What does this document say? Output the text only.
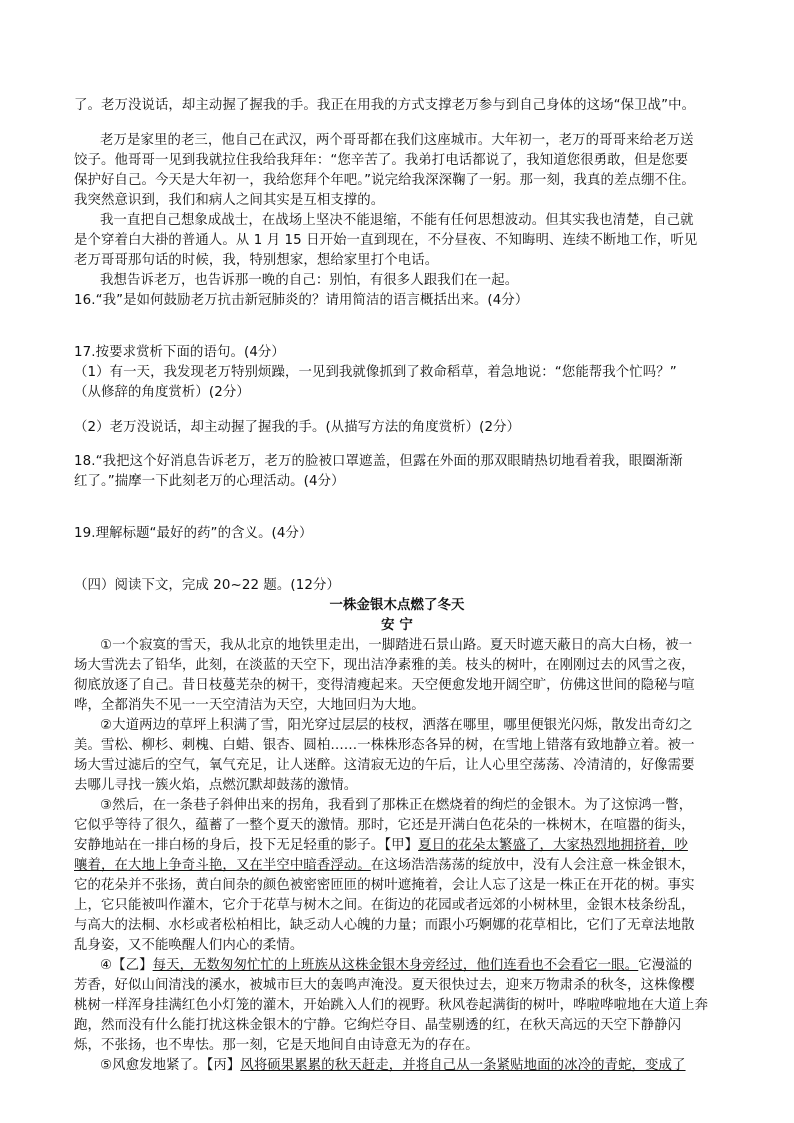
了。老万没说话，却主动握了握我的手。我正在用我的方式支撑老万参与到自己身体的这场“保卫战”中。
老万是家里的老三，他自己在武汉，两个哥哥都在我们这座城市。大年初一，老万的哥哥来给老万送
饺子。他哥哥一见到我就拉住我给我拜年：“您辛苦了。我弟打电话都说了，我知道您很勇敢，但是您要
保护好自己。今天是大年初一，我给您拜个年吧。”说完给我深深鞠了一躬。那一刻，我真的差点绷不住。
我突然意识到，我们和病人之间其实是互相支撑的。
我一直把自己想象成战士，在战场上坚决不能退缩，不能有任何思想波动。但其实我也清楚，自己就
是个穿着白大褂的普通人。从 1 月 15 日开始一直到现在，不分昼夜、不知晦明、连续不断地工作，听见
老万哥哥那句话的时候，我，特别想家，想给家里打个电话。
我想告诉老万，也告诉那一晚的自己：别怕，有很多人跟我们在一起。
16.“我”是如何鼓励老万抗击新冠肺炎的？请用简洁的语言概括出来。(4分）
17.按要求赏析下面的语句。(4分）
（1）有一天，我发现老万特别烦躁，一见到我就像抓到了救命稻草，着急地说：“您能帮我个忙吗？”
（从修辞的角度赏析）(2分）
（2）老万没说话，却主动握了握我的手。(从描写方法的角度赏析）(2分）
18.“我把这个好消息告诉老万，老万的脸被口罩遮盖，但露在外面的那双眼睛热切地看着我，眼圈渐渐
红了。”揣摩一下此刻老万的心理活动。(4分）
19.理解标题“最好的药”的含义。(4分）
（四）阅读下文，完成 20~22 题。(12分）
一株金银木点燃了冬天
安 宁
①一个寂寞的雪天，我从北京的地铁里走出，一脚踏进石景山路。夏天时遮天蔽日的高大白杨，被一
场大雪洗去了铅华，此刻，在淡蓝的天空下，现出洁净素雅的美。枝头的树叶，在刚刚过去的风雪之夜，
彻底放逐了自己。昔日枝蔓芜杂的树干，变得清瘦起来。天空便愈发地开阔空旷，仿佛这世间的隐秘与喧
哗，全都消失不见一一天空清洁为天空，大地回归为大地。
②大道两边的草坪上积满了雪，阳光穿过层层的枝杈，洒落在哪里，哪里便银光闪烁，散发出奇幻之
美。雪松、柳杉、刺槐、白蜡、银杏、圆柏……一株株形态各异的树，在雪地上错落有致地静立着。被一
场大雪过滤后的空气，氧气充足，让人迷醉。这清寂无边的午后，让人心里空荡荡、冷清清的，好像需要
去哪儿寻找一簇火焰，点燃沉默却鼓荡的激情。
③然后，在一条巷子斜伸出来的拐角，我看到了那株正在燃烧着的绚烂的金银木。为了这惊鸿一瞥，
它似乎等待了很久，蕴蓄了一整个夏天的激情。那时，它还是开满白色花朵的一株树木，在喧嚣的街头，
安静地站在一排白杨的身后，投下无足轻重的影子。【甲】夏日的花朵太繁盛了，大家热烈地拥挤着，吵
嚷着，在大地上争奇斗艳，又在半空中暗香浮动。在这场浩浩荡荡的绽放中，没有人会注意一株金银木，
它的花朵并不张扬，黄白间杂的颜色被密密匝匝的树叶遮掩着，会让人忘了这是一株正在开花的树。事实
上，它只能被叫作灌木，它介于花草与树木之间。在街边的花园或者远郊的小树林里，金银木枝条纷乱，
与高大的法桐、水杉或者松柏相比，缺乏动人心魄的力量；而跟小巧婀娜的花草相比，它们了无章法地散
乱身姿，又不能唤醒人们内心的柔情。
④【乙】每天，无数匆匆忙忙的上班族从这株金银木身旁经过，他们连看也不会看它一眼。它漫溢的
芳香，好似山间清浅的溪水，被城市巨大的轰鸣声淹没。夏天很快过去，迎来万物肃杀的秋冬，这株像樱
桃树一样浑身挂满红色小灯笼的灌木，开始跳入人们的视野。秋风卷起满街的树叶，哗啦哗啦地在大道上奔
跑，然而没有什么能打扰这株金银木的宁静。它绚烂夺目、晶莹剔透的红，在秋天高远的天空下静静闪
烁，不张扬，也不卑怯。那一刻，它是天地间自由诗意无为的存在。
⑤风愈发地紧了。【丙】风将硕果累累的秋天赶走，并将自己从一条紧贴地面的冰冷的青蛇，变成了
